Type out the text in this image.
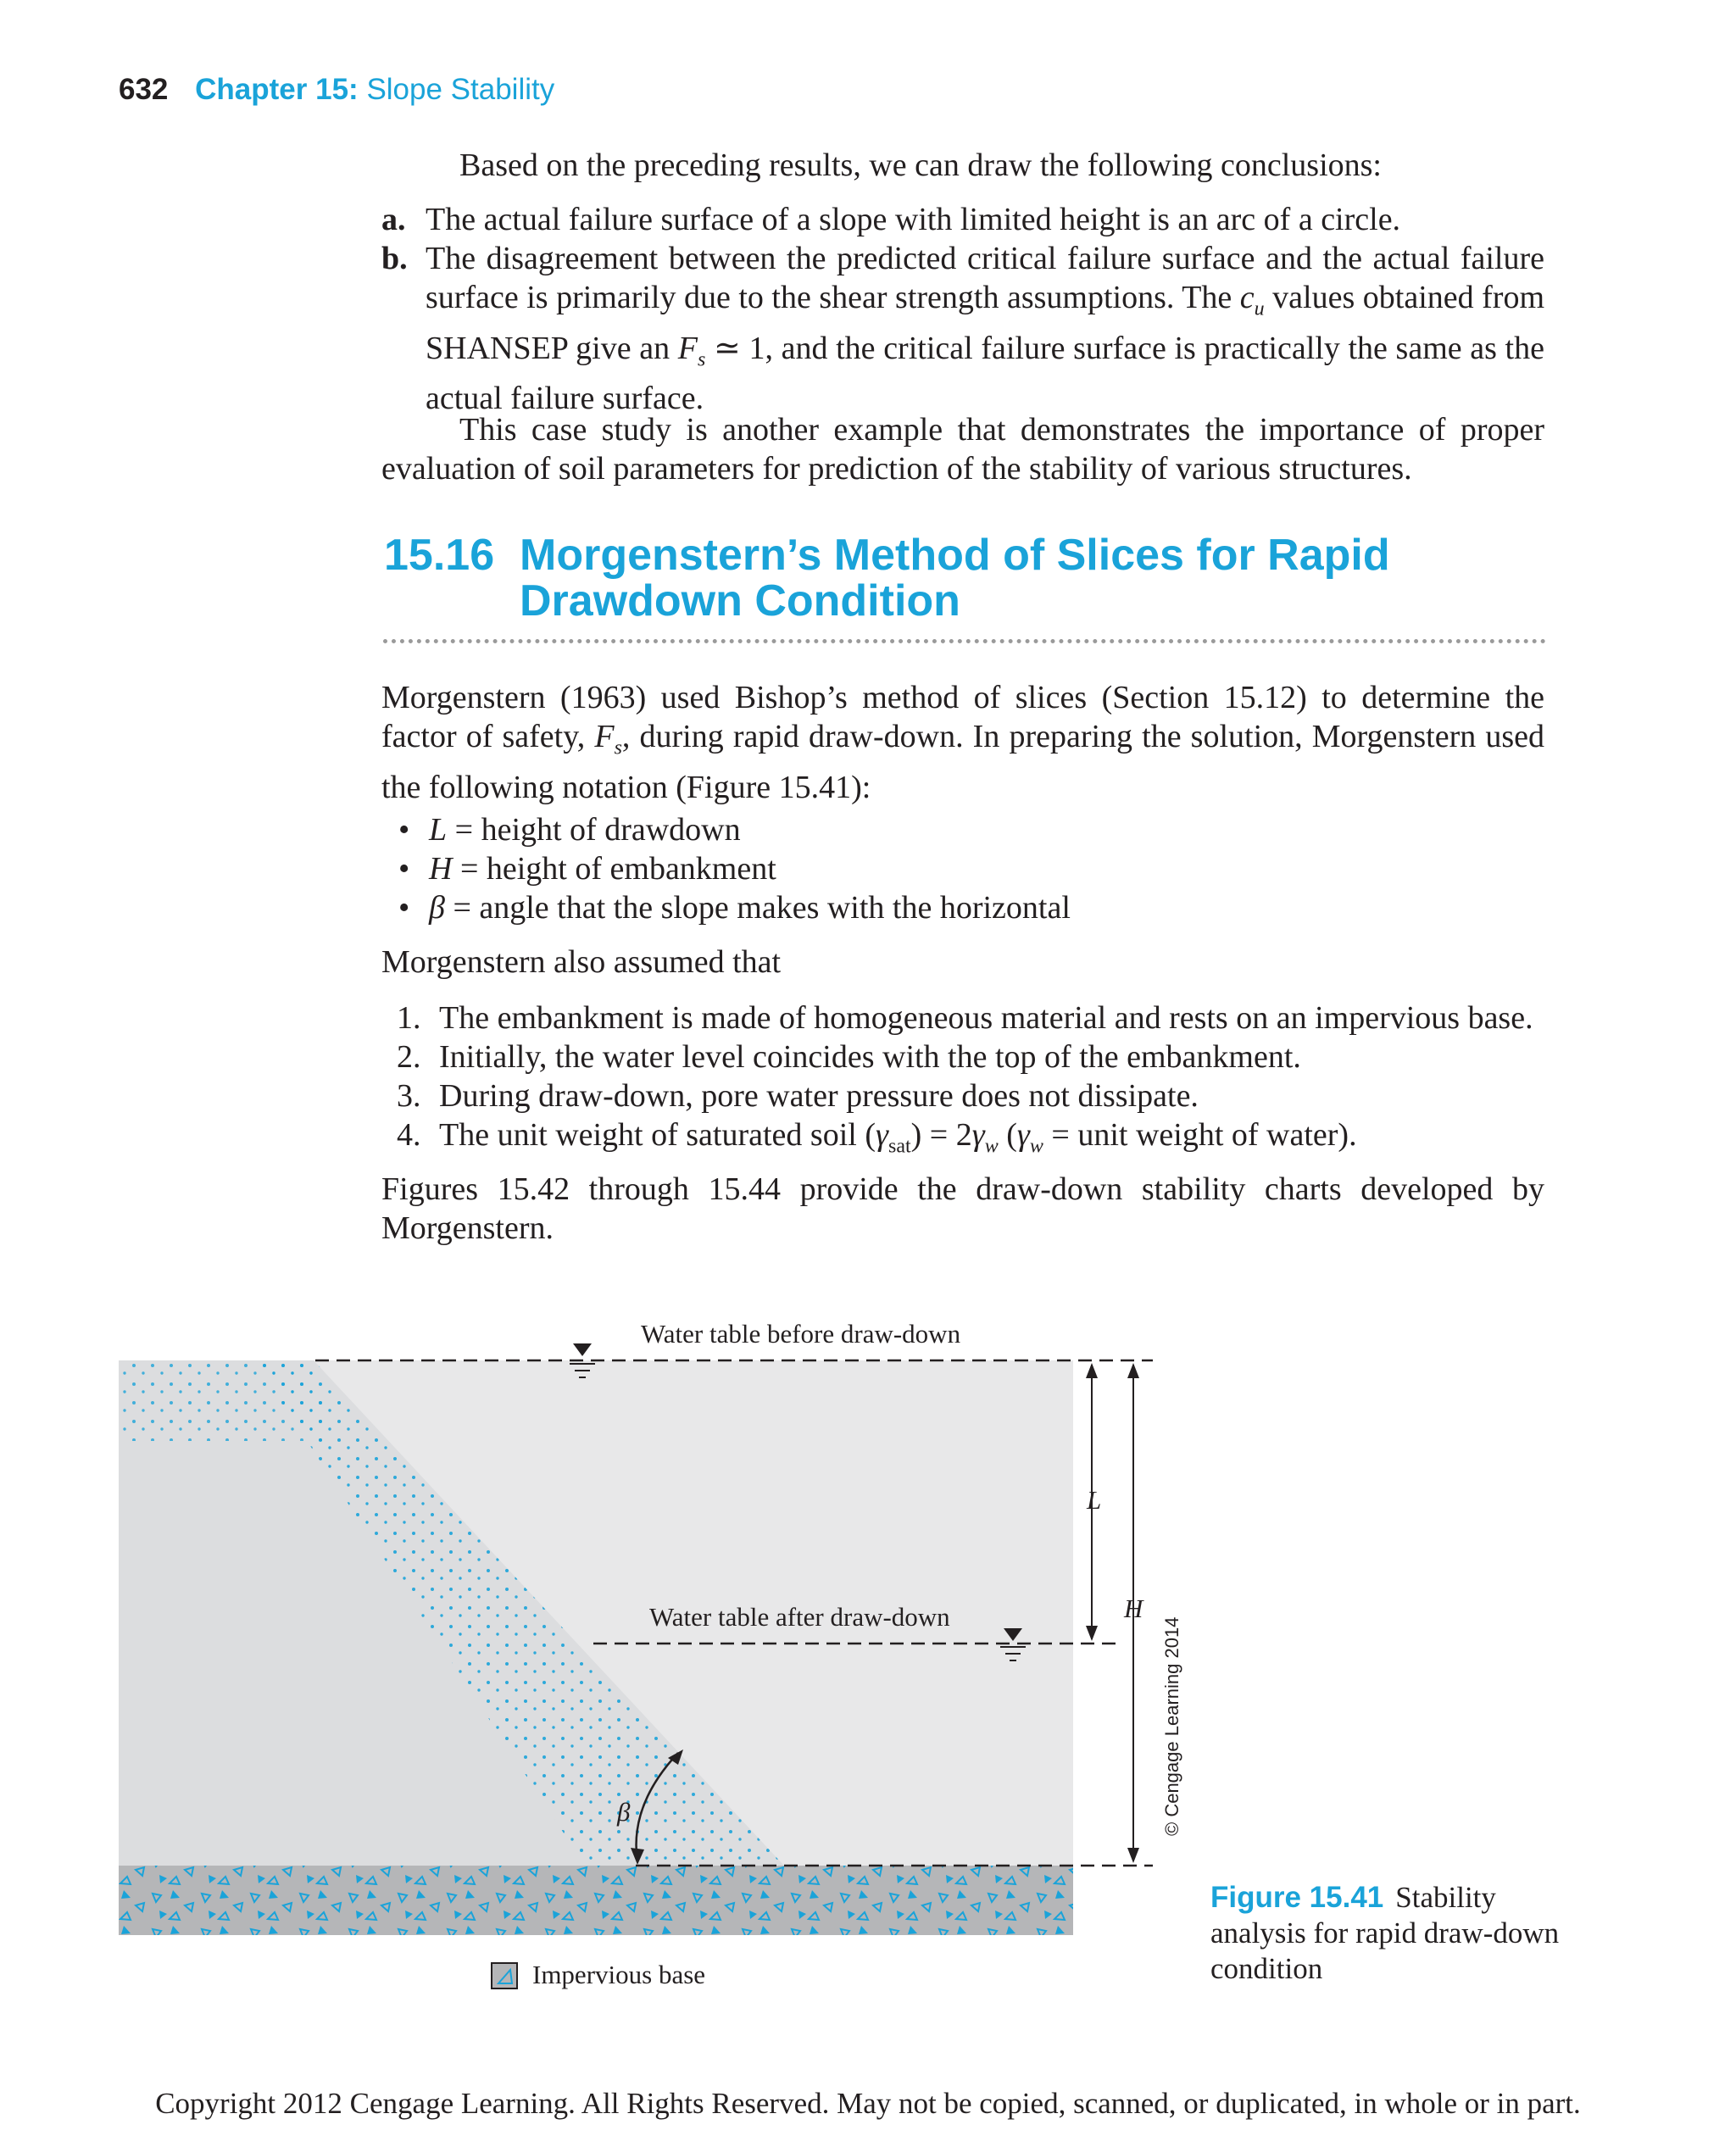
632 Chapter 15: Slope Stability
Based on the preceding results, we can draw the following conclusions:
a. The actual failure surface of a slope with limited height is an arc of a circle.
b. The disagreement between the predicted critical failure surface and the actual failure surface is primarily due to the shear strength assumptions. The $c_u$ values obtained from SHANSEP give an $F_s$ ≃ 1, and the critical failure surface is practically the same as the actual failure surface.
This case study is another example that demonstrates the importance of proper evaluation of soil parameters for prediction of the stability of various structures.
15.16 Morgenstern’s Method of Slices for Rapid Drawdown Condition
Morgenstern (1963) used Bishop’s method of slices (Section 15.12) to determine the factor of safety, $F_s$, during rapid draw-down. In preparing the solution, Morgenstern used the following notation (Figure 15.41):
• L = height of drawdown
• H = height of embankment
• β = angle that the slope makes with the horizontal
Morgenstern also assumed that
1. The embankment is made of homogeneous material and rests on an impervious base.
2. Initially, the water level coincides with the top of the embankment.
3. During draw-down, pore water pressure does not dissipate.
4. The unit weight of saturated soil $(\gamma_{sat}) = 2\gamma_w$ ($\gamma_w$ = unit weight of water).
Figures 15.42 through 15.44 provide the draw-down stability charts developed by Morgenstern.
Water table before draw-down
Water table after draw-down
L
H
β
Impervious base
© Cengage Learning 2014
Figure 15.41 Stability analysis for rapid draw-down condition
Copyright 2012 Cengage Learning. All Rights Reserved. May not be copied, scanned, or duplicated, in whole or in part.
